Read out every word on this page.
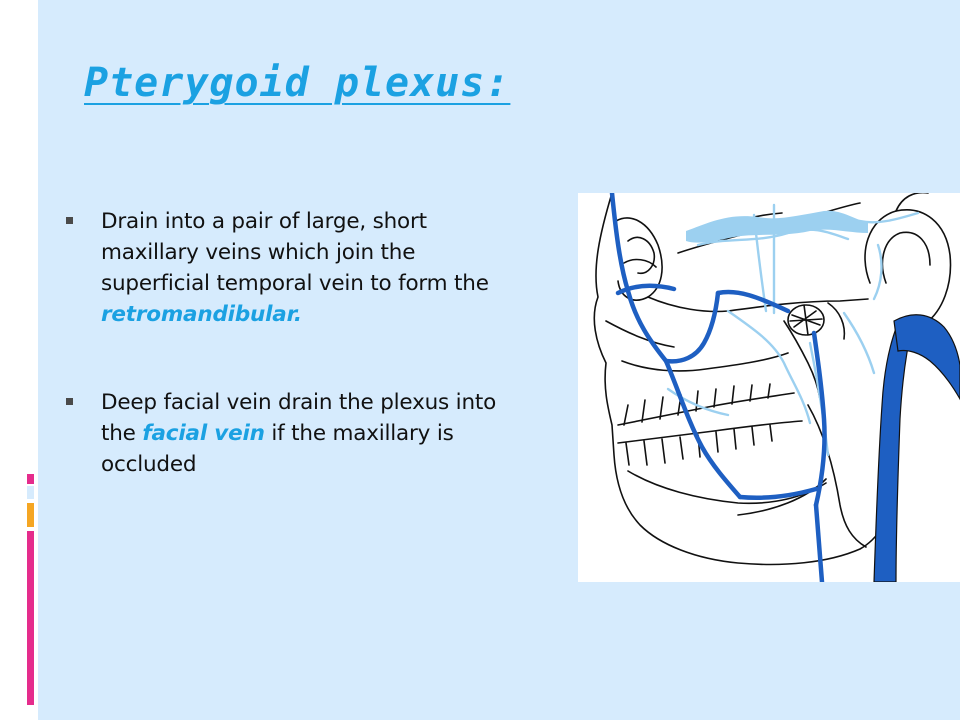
Pterygoid plexus:
Drain into a pair of large, short maxillary veins which join the superficial temporal vein to form the retromandibular.
Deep facial vein drain the plexus into the facial vein if the maxillary is occluded
